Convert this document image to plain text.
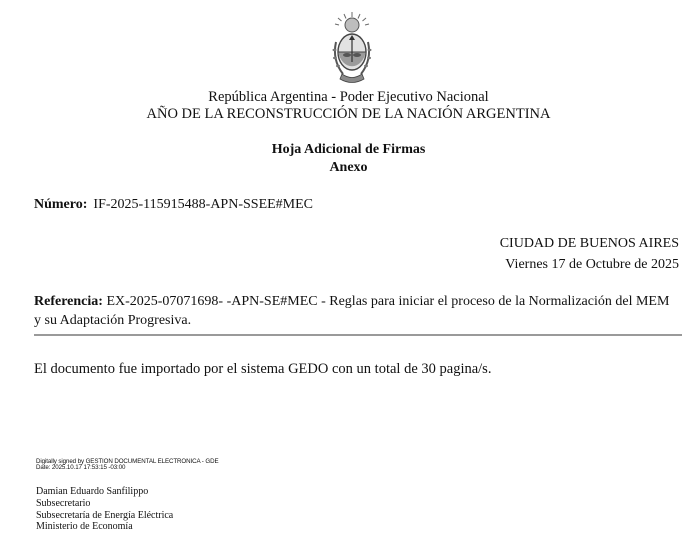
República Argentina - Poder Ejecutivo Nacional
AÑO DE LA RECONSTRUCCIÓN DE LA NACIÓN ARGENTINA
Hoja Adicional de Firmas
Anexo
Número: IF-2025-115915488-APN-SSEE#MEC
CIUDAD DE BUENOS AIRES
Viernes 17 de Octubre de 2025
Referencia: EX-2025-07071698- -APN-SE#MEC - Reglas para iniciar el proceso de la Normalización del MEM y su Adaptación Progresiva.
El documento fue importado por el sistema GEDO con un total de 30 pagina/s.
Digitally signed by GESTION DOCUMENTAL ELECTRONICA - GDE
Date: 2025.10.17 17:53:15 -03:00
Damian Eduardo Sanfilippo
Subsecretario
Subsecretaría de Energía Eléctrica
Ministerio de Economía
